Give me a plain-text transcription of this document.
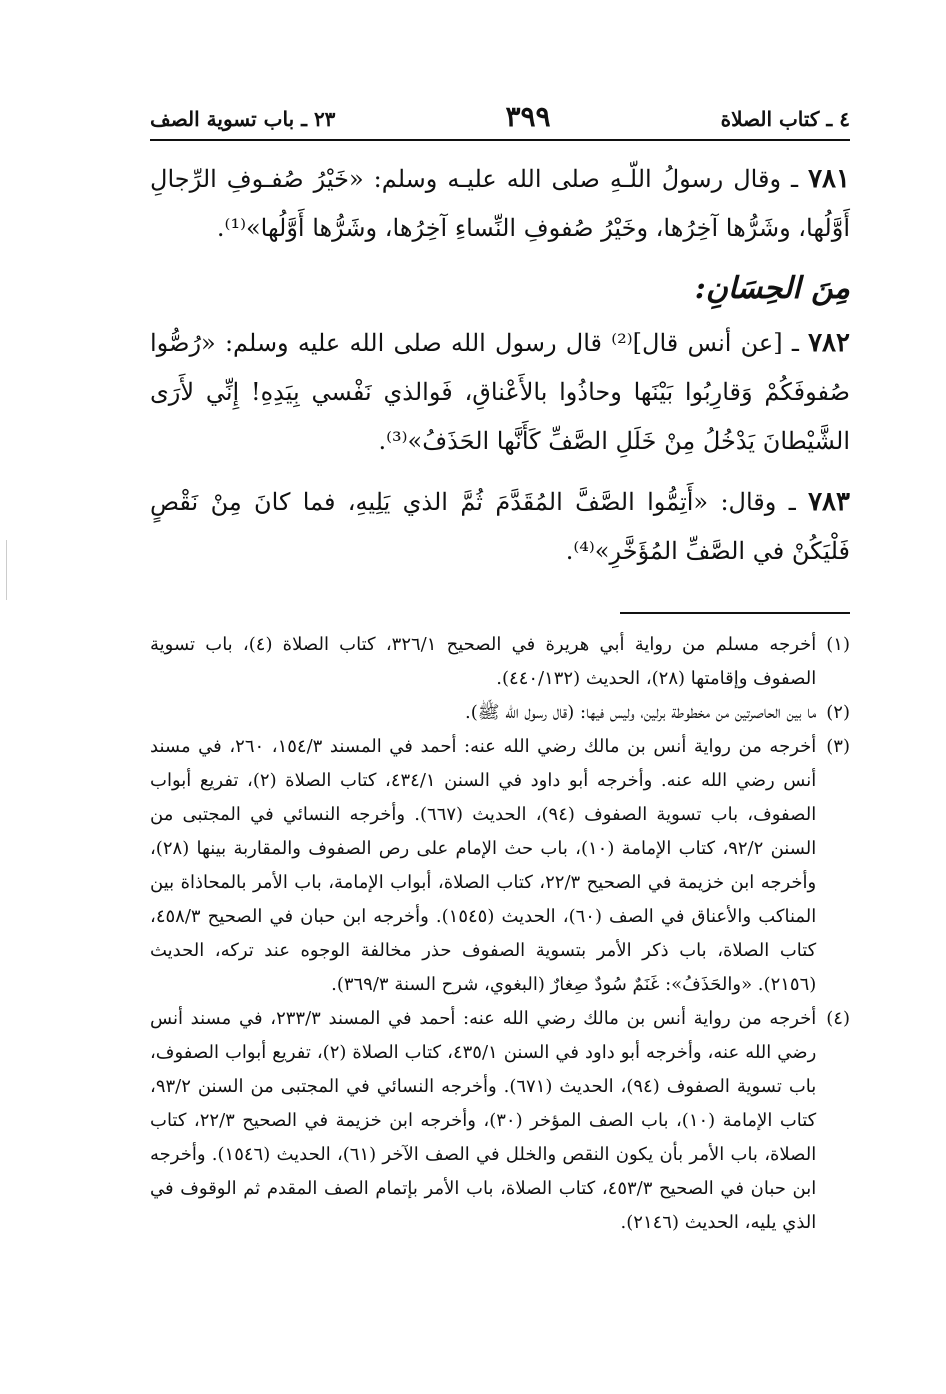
٤ ـ كتاب الصلاة
٣٩٩
٢٣ ـ باب تسوية الصف

٧٨١ ـ وقال رسولُ اللّـهِ صلى الله عليـه وسلم: «خَيْرُ صُفـوفِ الرِّجالِ أَوَّلُها، وشَرُّها آخِرُها، وخَيْرُ صُفوفِ النِّساءِ آخِرُها، وشَرُّها أَوَّلُها»⁽¹⁾.

مِنَ الحِسَانِ:

٧٨٢ ـ [عن أنس قال]⁽²⁾ قال رسول الله صلى الله عليه وسلم: «رُصُّوا صُفوفَكُمْ وَقارِبُوا بَيْنَها وحاذُوا بالأَعْناقِ، فَوالذي نَفْسي بِيَدِهِ! إِنِّي لأَرَى الشَّيْطانَ يَدْخُلُ مِنْ خَلَلِ الصَّفِّ كَأَنَّها الحَذَفُ»⁽³⁾.

٧٨٣ ـ وقال: «أَتِمُّوا الصَّفَّ المُقَدَّمَ ثُمَّ الذي يَلِيهِ، فما كانَ مِنْ نَقْصٍ فَلْيَكُنْ في الصَّفِّ المُؤَخَّرِ»⁽⁴⁾.

(١)
أخرجه مسلم من رواية أبي هريرة في الصحيح ٣٢٦/١، كتاب الصلاة (٤)، باب تسوية الصفوف وإقامتها (٢٨)، الحديث (٤٤٠/١٣٢).
(٢)
ما بين الحاصرتين من مخطوطة برلين، وليس فيها: (قال رسول الله ﷺ).
(٣)
أخرجه من رواية أنس بن مالك رضي الله عنه: أحمد في المسند ١٥٤/٣، ٢٦٠، في مسند أنس رضي الله عنه. وأخرجه أبو داود في السنن ٤٣٤/١، كتاب الصلاة (٢)، تفريع أبواب الصفوف، باب تسوية الصفوف (٩٤)، الحديث (٦٦٧). وأخرجه النسائي في المجتبى من السنن ٩٢/٢، كتاب الإمامة (١٠)، باب حث الإمام على رص الصفوف والمقاربة بينها (٢٨)، وأخرجه ابن خزيمة في الصحيح ٢٢/٣، كتاب الصلاة، أبواب الإمامة، باب الأمر بالمحاذاة بين المناكب والأعناق في الصف (٦٠)، الحديث (١٥٤٥). وأخرجه ابن حبان في الصحيح ٤٥٨/٣، كتاب الصلاة، باب ذكر الأمر بتسوية الصفوف حذر مخالفة الوجوه عند تركه، الحديث (٢١٥٦). «والحَذَفُ»: غَنَمٌ سُودٌ صِغارٌ (البغوي، شرح السنة ٣٦٩/٣).
(٤)
أخرجه من رواية أنس بن مالك رضي الله عنه: أحمد في المسند ٢٣٣/٣، في مسند أنس رضي الله عنه، وأخرجه أبو داود في السنن ٤٣٥/١، كتاب الصلاة (٢)، تفريع أبواب الصفوف، باب تسوية الصفوف (٩٤)، الحديث (٦٧١). وأخرجه النسائي في المجتبى من السنن ٩٣/٢، كتاب الإمامة (١٠)، باب الصف المؤخر (٣٠)، وأخرجه ابن خزيمة في الصحيح ٢٢/٣، كتاب الصلاة، باب الأمر بأن يكون النقص والخلل في الصف الآخر (٦١)، الحديث (١٥٤٦). وأخرجه ابن حبان في الصحيح ٤٥٣/٣، كتاب الصلاة، باب الأمر بإتمام الصف المقدم ثم الوقوف في الذي يليه، الحديث (٢١٤٦).
